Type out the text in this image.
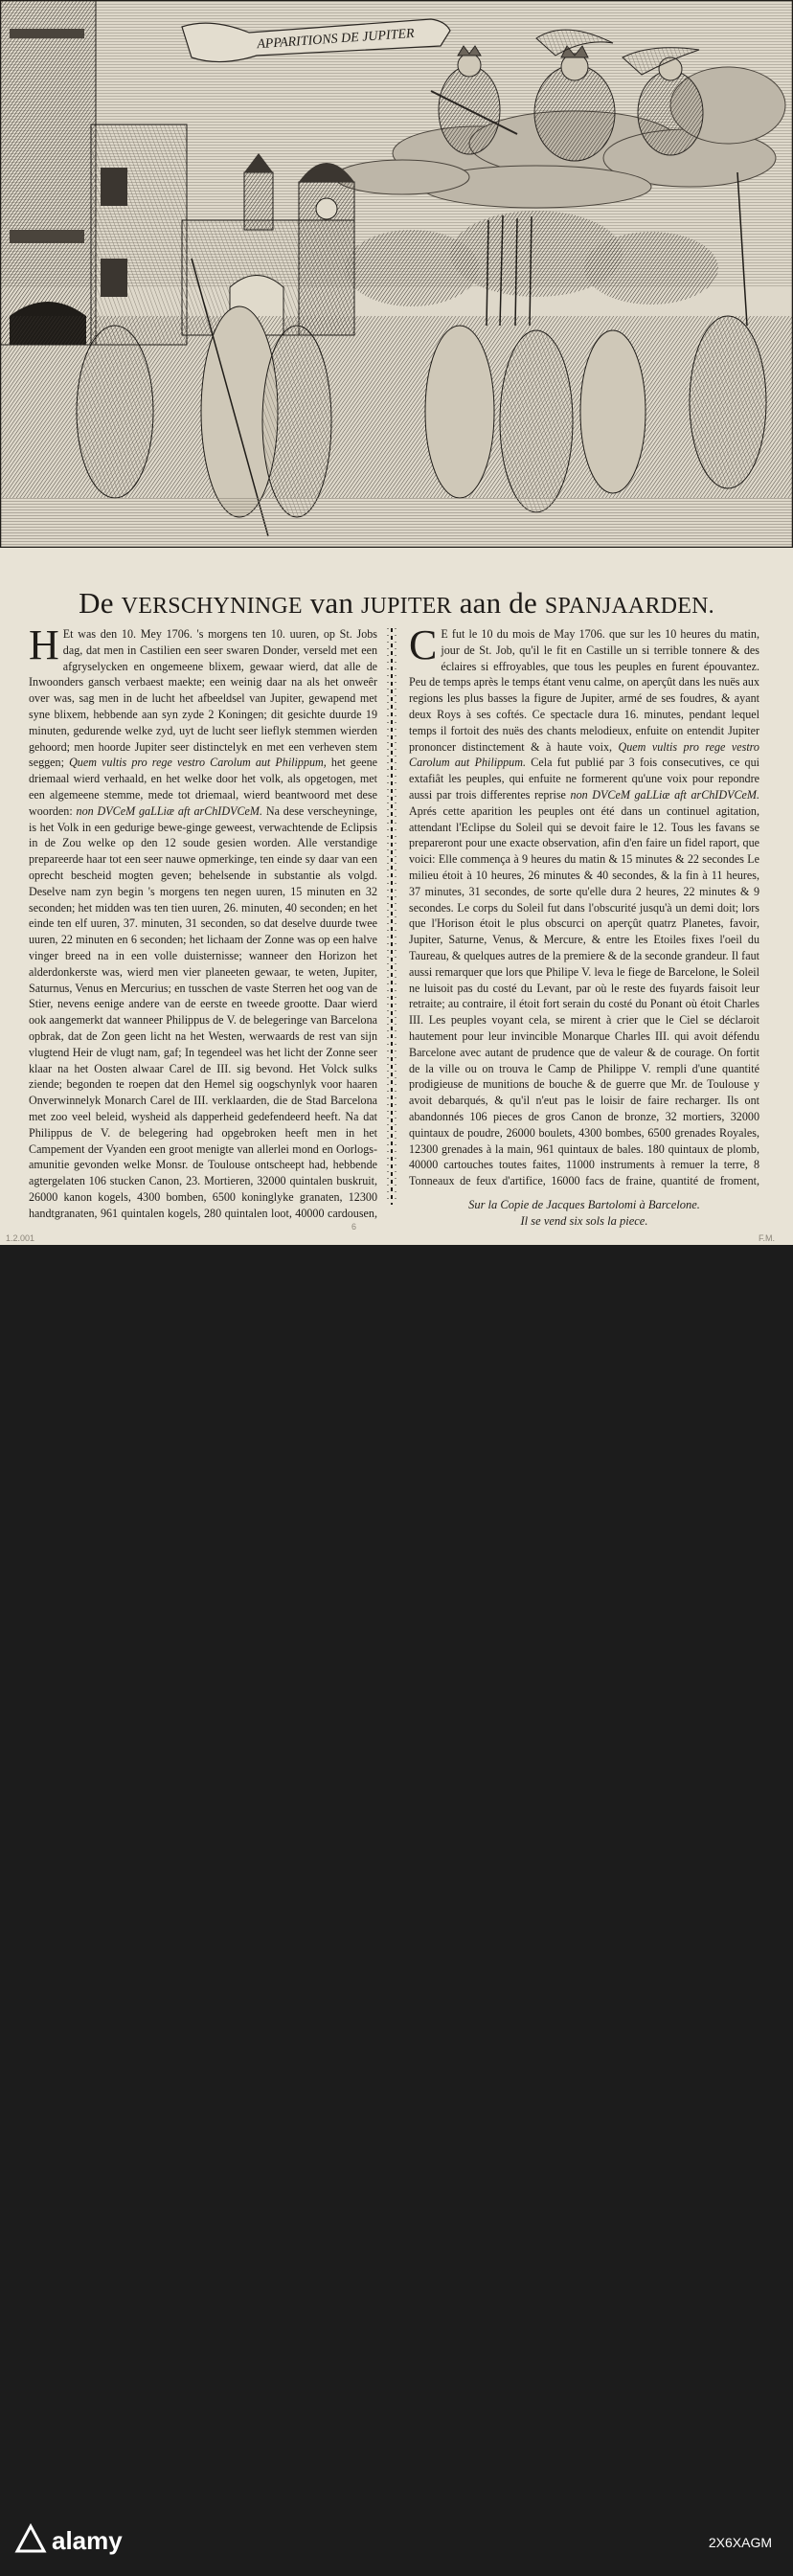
APPARITIONS DE JUPITER
De VERSCHYNINGE van JUPITER aan de SPANJAARDEN.
H Et was den 10. Mey 1706. 's morgens ten 10. uuren, op St. Jobs dag, dat men in Castilien een seer swaren Donder, verseld met een afgryselycken en ongemeene blixem, gewaar wierd, dat alle de Inwoonders gansch verbaest maekte; een weinig daar na als het onweêr over was, sag men in de lucht het afbeeldsel van Jupiter, gewapend met syne blixem, hebbende aan syn zyde 2 Koningen; dit gesichte duurde 19 minuten, gedurende welke zyd, uyt de lucht seer lieflyk stemmen wierden gehoord; men hoorde Jupiter seer distinctelyk en met een verheven stem seggen; Quem vultis pro rege vestro Carolum aut Philippum, het geene driemaal wierd verhaald, en het welke door het volk, als opgetogen, met een algemeene stemme, mede tot driemaal, wierd beantwoord met dese woorden: non DVCeM gaLLiæ aft arChIDVCeM. Na dese verscheyninge, is het Volk in een gedurige bewe-ginge geweest, verwachtende de Eclipsis in de Zou welke op den 12 soude gesien worden. Alle verstandige prepareerde haar tot een seer nauwe opmerkinge, ten einde sy daar van een oprecht bescheid mogten geven; behelsende in substantie als volgd. Deselve nam zyn begin 's morgens ten negen uuren, 15 minuten en 32 seconden; het midden was ten tien uuren, 26. minuten, 40 seconden; en het einde ten elf uuren, 37. minuten, 31 seconden, so dat deselve duurde twee uuren, 22 minuten en 6 seconden; het lichaam der Zonne was op een halve vinger breed na in een volle duisternisse; wanneer den Horizon het alderdonkerste was, wierd men vier planeeten gewaar, te weten, Jupiter, Saturnus, Venus en Mercurius; en tusschen de vaste Sterren het oog van de Stier, nevens eenige andere van de eerste en tweede grootte. Daar wierd ook aangemerkt dat wanneer Philippus de V. de belegeringe van Barcelona opbrak, dat de Zon geen licht na het Westen, werwaards de rest van sijn vlugtend Heir de vlugt nam, gaf; In tegendeel was het licht der Zonne seer klaar na het Oosten alwaar Carel de III. sig bevond. Het Volck sulks ziende; begonden te roepen dat den Hemel sig oogschynlyk voor haaren Onverwinnelyk Monarch Carel de III. verklaarden, die de Stad Barcelona met zoo veel beleid, wysheid als dapperheid gedefendeerd heeft. Na dat Philippus de V. de belegering had opgebroken heeft men in het Campement der Vyanden een groot menigte van allerlei mond en Oorlogs-amunitie gevonden welke Monsr. de Toulouse ontscheept had, hebbende agtergelaten 106 stucken Canon, 23. Mortieren, 32000 quintalen buskruit, 26000 kanon kogels, 4300 bomben, 6500 koninglyke granaten, 12300 handtgranaten, 961 quintalen kogels, 280 quintalen loot, 40000 cardousen,
C E fut le 10 du mois de May 1706. que sur les 10 heures du matin, jour de St. Job, qu'il le fit en Castille un si terrible tonnere & des éclaires si effroyables, que tous les peuples en furent épouvantez. Peu de temps après le temps étant venu calme, on aperçût dans les nuës aux regions les plus basses la figure de Jupiter, armé de ses foudres, & ayant deux Roys à ses coftés. Ce spectacle dura 16. minutes, pendant lequel temps il fortoit des nuës des chants melodieux, enfuite on entendit Jupiter prononcer distinctement & à haute voix, Quem vultis pro rege vestro Carolum aut Philippum. Cela fut publié par 3 fois consecutives, ce qui extafiât les peuples, qui enfuite ne formerent qu'une voix pour repondre aussi par trois differentes reprise non DVCeM gaLLiæ aft arChIDVCeM. Aprés cette aparition les peuples ont été dans un continuel agitation, attendant l'Eclipse du Soleil qui se devoit faire le 12. Tous les favans se prepareront pour une exacte observation, afin d'en faire un fidel raport, que voici: Elle commença à 9 heures du matin & 15 minutes & 22 secondes Le milieu étoit à 10 heures, 26 minutes & 40 secondes, & la fin à 11 heures, 37 minutes, 31 secondes, de sorte qu'elle dura 2 heures, 22 minutes & 9 secondes. Le corps du Soleil fut dans l'obscurité jusqu'à un demi doit; lors que l'Horison étoit le plus obscurci on aperçût quatrz Planetes, favoir, Jupiter, Saturne, Venus, & Mercure, & entre les Etoiles fixes l'oeil du Taureau, & quelques autres de la premiere & de la seconde grandeur. Il faut aussi remarquer que lors que Philipe V. leva le fiege de Barcelone, le Soleil ne luisoit pas du costé du Levant, par où le reste des fuyards faisoit leur retraite; au contraire, il étoit fort serain du costé du Ponant où étoit Charles III. Les peuples voyant cela, se mirent à crier que le Ciel se déclaroit hautement pour leur invincible Monarque Charles III. qui avoit défendu Barcelone avec autant de prudence que de valeur & de courage. On fortit de la ville ou on trouva le Camp de Philippe V. rempli d'une quantité prodigieuse de munitions de bouche & de guerre que Mr. de Toulouse y avoit debarqués, & qu'il n'eut pas le loisir de faire recharger. Ils ont abandonnés 106 pieces de gros Canon de bronze, 32 mortiers, 32000 quintaux de poudre, 26000 boulets, 4300 bombes, 6500 grenades Royales, 12300 grenades à la main, 961 quintaux de bales. 180 quintaux de plomb, 40000 cartouches toutes faites, 11000 instruments à remuer la terre, 8 Tonneaux de feux d'artifice, 16000 facs de fraine, quantité de froment,
Sur la Copie de Jacques Bartolomi à Barcelone.
Il se vend six sols la piece.
1.2.001	F.M.
6
alamy	2X6XAGM
